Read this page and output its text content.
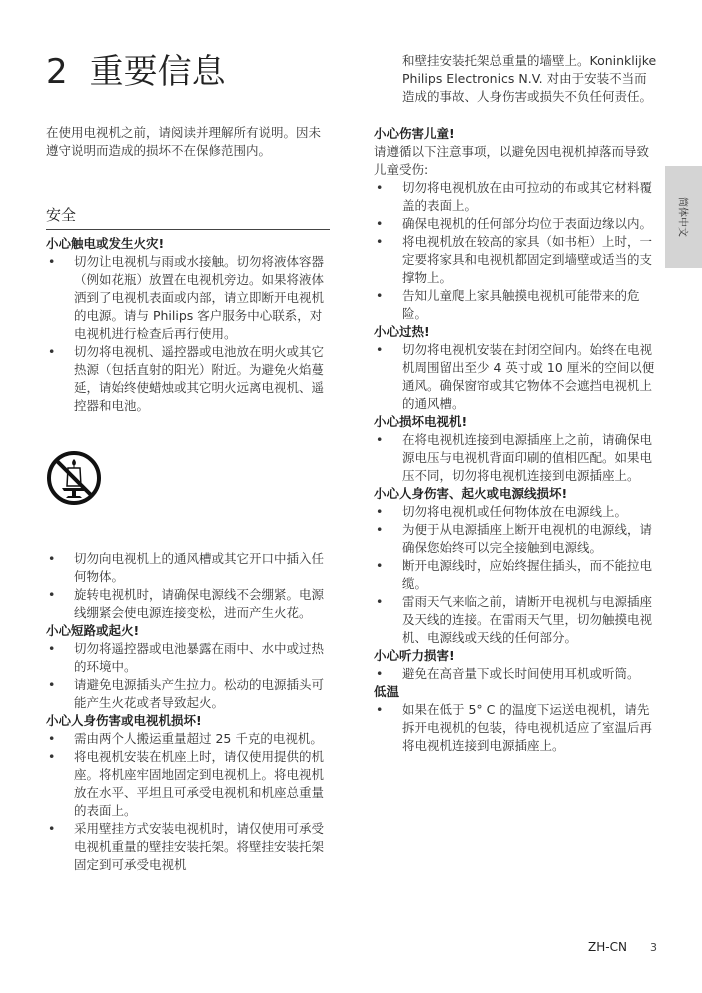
2 重要信息

在使用电视机之前，请阅读并理解所有说明。因未遵守说明而造成的损坏不在保修范围内。

安全

小心触电或发生火灾!

• 切勿让电视机与雨或水接触。切勿将液体容器（例如花瓶）放置在电视机旁边。如果将液体洒到了电视机表面或内部，请立即断开电视机的电源。请与 Philips 客户服务中心联系，对电视机进行检查后再行使用。
• 切勿将电视机、遥控器或电池放在明火或其它热源（包括直射的阳光）附近。为避免火焰蔓延，请始终使蜡烛或其它明火远离电视机、遥控器和电池。
• 切勿向电视机上的通风槽或其它开口中插入任何物体。
• 旋转电视机时，请确保电源线不会绷紧。电源线绷紧会使电源连接变松，进而产生火花。

小心短路或起火!

• 切勿将遥控器或电池暴露在雨中、水中或过热的环境中。
• 请避免电源插头产生拉力。松动的电源插头可能产生火花或者导致起火。

小心人身伤害或电视机损坏!

• 需由两个人搬运重量超过 25 千克的电视机。
• 将电视机安装在机座上时，请仅使用提供的机座。将机座牢固地固定到电视机上。将电视机放在水平、平坦且可承受电视机和机座总重量的表面上。
• 采用壁挂方式安装电视机时，请仅使用可承受电视机重量的壁挂安装托架。将壁挂安装托架固定到可承受电视机

和壁挂安装托架总重量的墙壁上。Koninklijke Philips Electronics N.V. 对由于安装不当而造成的事故、人身伤害或损失不负任何责任。

小心伤害儿童!

请遵循以下注意事项，以避免因电视机掉落而导致儿童受伤:

• 切勿将电视机放在由可拉动的布或其它材料覆盖的表面上。
• 确保电视机的任何部分均位于表面边缘以内。
• 将电视机放在较高的家具（如书柜）上时，一定要将家具和电视机都固定到墙壁或适当的支撑物上。
• 告知儿童爬上家具触摸电视机可能带来的危险。

小心过热!

• 切勿将电视机安装在封闭空间内。始终在电视机周围留出至少 4 英寸或 10 厘米的空间以便通风。确保窗帘或其它物体不会遮挡电视机上的通风槽。

小心损坏电视机!

• 在将电视机连接到电源插座上之前，请确保电源电压与电视机背面印刷的值相匹配。如果电压不同，切勿将电视机连接到电源插座上。

小心人身伤害、起火或电源线损坏!

• 切勿将电视机或任何物体放在电源线上。
• 为便于从电源插座上断开电视机的电源线，请确保您始终可以完全接触到电源线。
• 断开电源线时，应始终握住插头，而不能拉电缆。
• 雷雨天气来临之前，请断开电视机与电源插座及天线的连接。在雷雨天气里，切勿触摸电视机、电源线或天线的任何部分。

小心听力损害!

• 避免在高音量下或长时间使用耳机或听筒。

低温

• 如果在低于 5° C 的温度下运送电视机，请先拆开电视机的包装，待电视机适应了室温后再将电视机连接到电源插座上。
简体中文
ZH-CN 3
